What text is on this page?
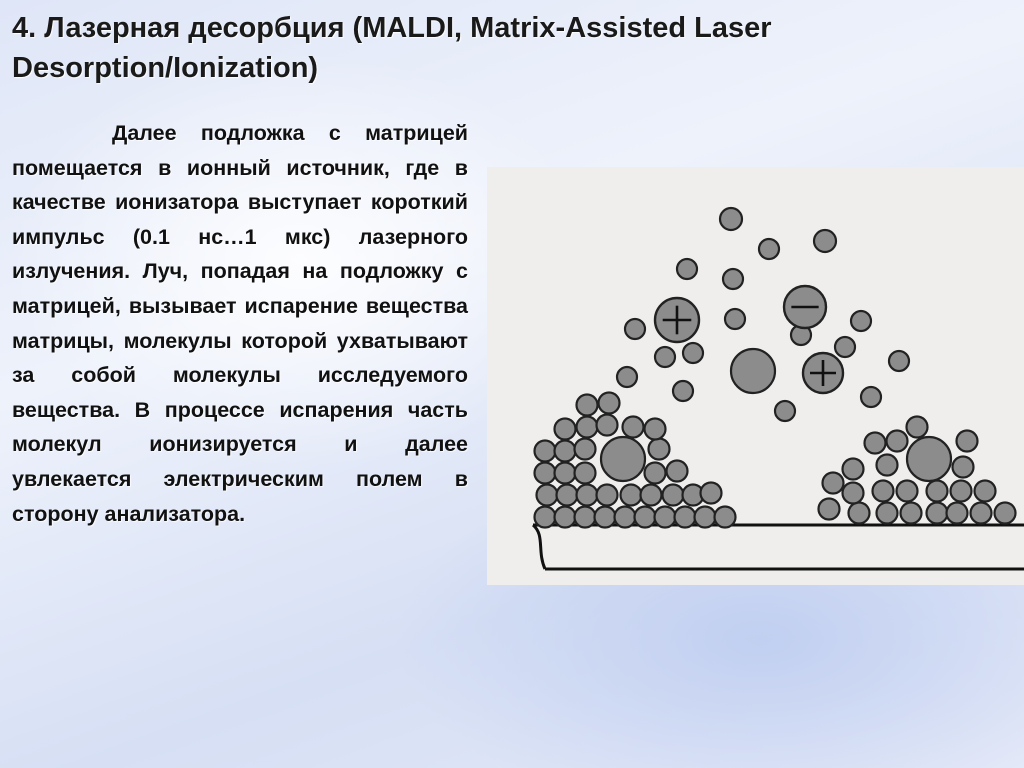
4. Лазерная десорбция (MALDI, Matrix-Assisted Laser Desorption/Ionization)
Далее подложка с матрицей помещается в ионный источник, где в качестве ионизатора выступает короткий импульс (0.1 нс…1 мкс) лазерного излучения. Луч, попадая на подложку с матрицей, вызывает испарение вещества матрицы, молекулы которой ухватывают за собой молекулы исследуемого вещества. В процессе испарения часть молекул ионизируется и далее увлекается электрическим полем в сторону анализатора.
